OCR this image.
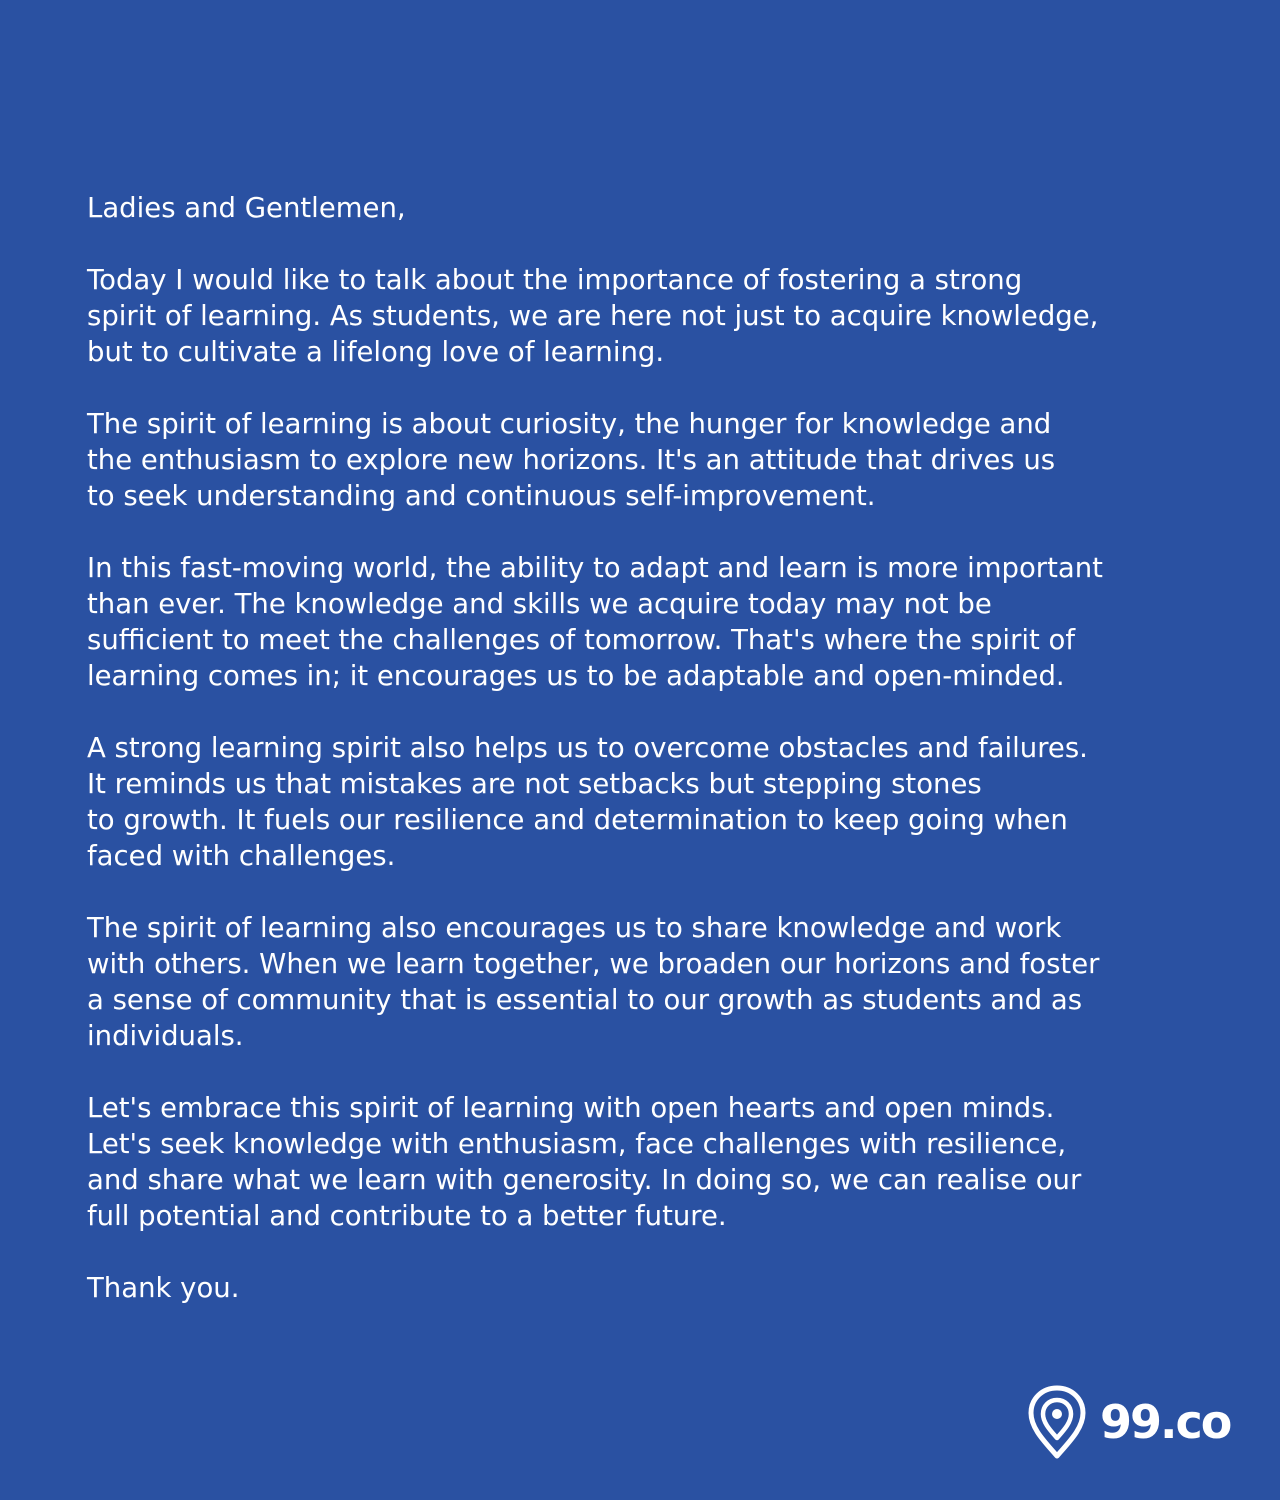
Ladies and Gentlemen,

Today I would like to talk about the importance of fostering a strong
spirit of learning. As students, we are here not just to acquire knowledge,
but to cultivate a lifelong love of learning.

The spirit of learning is about curiosity, the hunger for knowledge and
the enthusiasm to explore new horizons. It's an attitude that drives us
to seek understanding and continuous self-improvement.

In this fast-moving world, the ability to adapt and learn is more important
than ever. The knowledge and skills we acquire today may not be
sufficient to meet the challenges of tomorrow. That's where the spirit of
learning comes in; it encourages us to be adaptable and open-minded.

A strong learning spirit also helps us to overcome obstacles and failures.
It reminds us that mistakes are not setbacks but stepping stones
to growth. It fuels our resilience and determination to keep going when
faced with challenges.

The spirit of learning also encourages us to share knowledge and work
with others. When we learn together, we broaden our horizons and foster
a sense of community that is essential to our growth as students and as
individuals.

Let's embrace this spirit of learning with open hearts and open minds.
Let's seek knowledge with enthusiasm, face challenges with resilience,
and share what we learn with generosity. In doing so, we can realise our
full potential and contribute to a better future.

Thank you.

99.co
